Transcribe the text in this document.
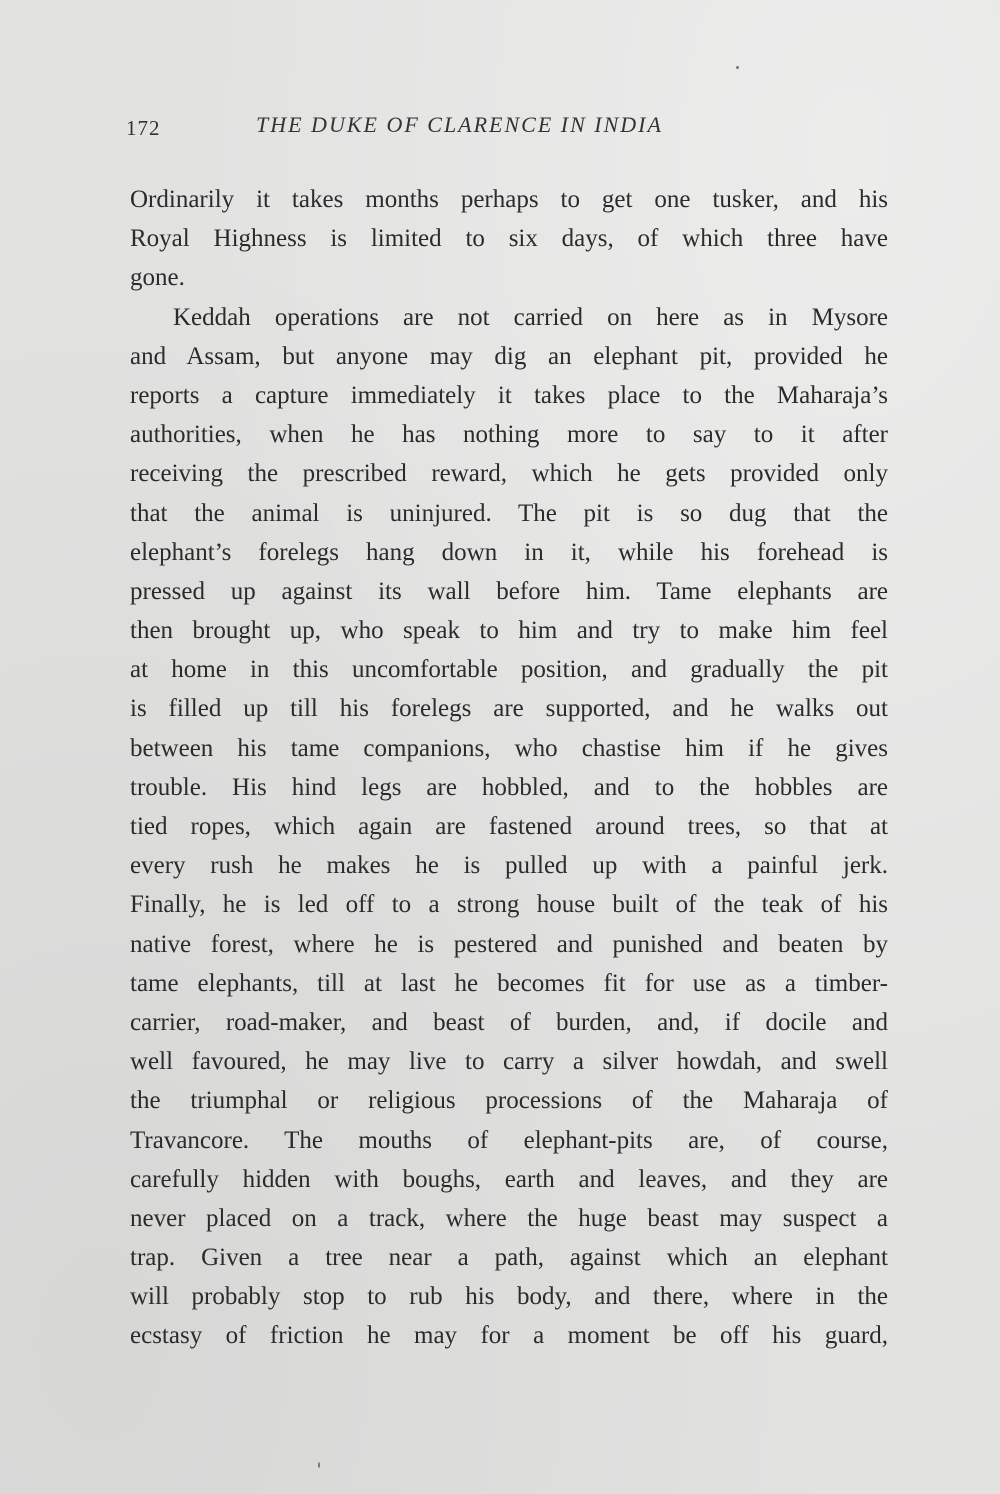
172	THE DUKE OF CLARENCE IN INDIA
Ordinarily it takes months perhaps to get one tusker, and his
Royal Highness is limited to six days, of which three have
gone.
Keddah operations are not carried on here as in Mysore
and Assam, but anyone may dig an elephant pit, provided he
reports a capture immediately it takes place to the Maharaja’s
authorities, when he has nothing more to say to it after
receiving the prescribed reward, which he gets provided only
that the animal is uninjured. The pit is so dug that the
elephant’s forelegs hang down in it, while his forehead is
pressed up against its wall before him. Tame elephants are
then brought up, who speak to him and try to make him feel
at home in this uncomfortable position, and gradually the pit
is filled up till his forelegs are supported, and he walks out
between his tame companions, who chastise him if he gives
trouble. His hind legs are hobbled, and to the hobbles are
tied ropes, which again are fastened around trees, so that at
every rush he makes he is pulled up with a painful jerk.
Finally, he is led off to a strong house built of the teak of his
native forest, where he is pestered and punished and beaten by
tame elephants, till at last he becomes fit for use as a timber-
carrier, road-maker, and beast of burden, and, if docile and
well favoured, he may live to carry a silver howdah, and swell
the triumphal or religious processions of the Maharaja of
Travancore. The mouths of elephant-pits are, of course,
carefully hidden with boughs, earth and leaves, and they are
never placed on a track, where the huge beast may suspect a
trap. Given a tree near a path, against which an elephant
will probably stop to rub his body, and there, where in the
ecstasy of friction he may for a moment be off his guard,
